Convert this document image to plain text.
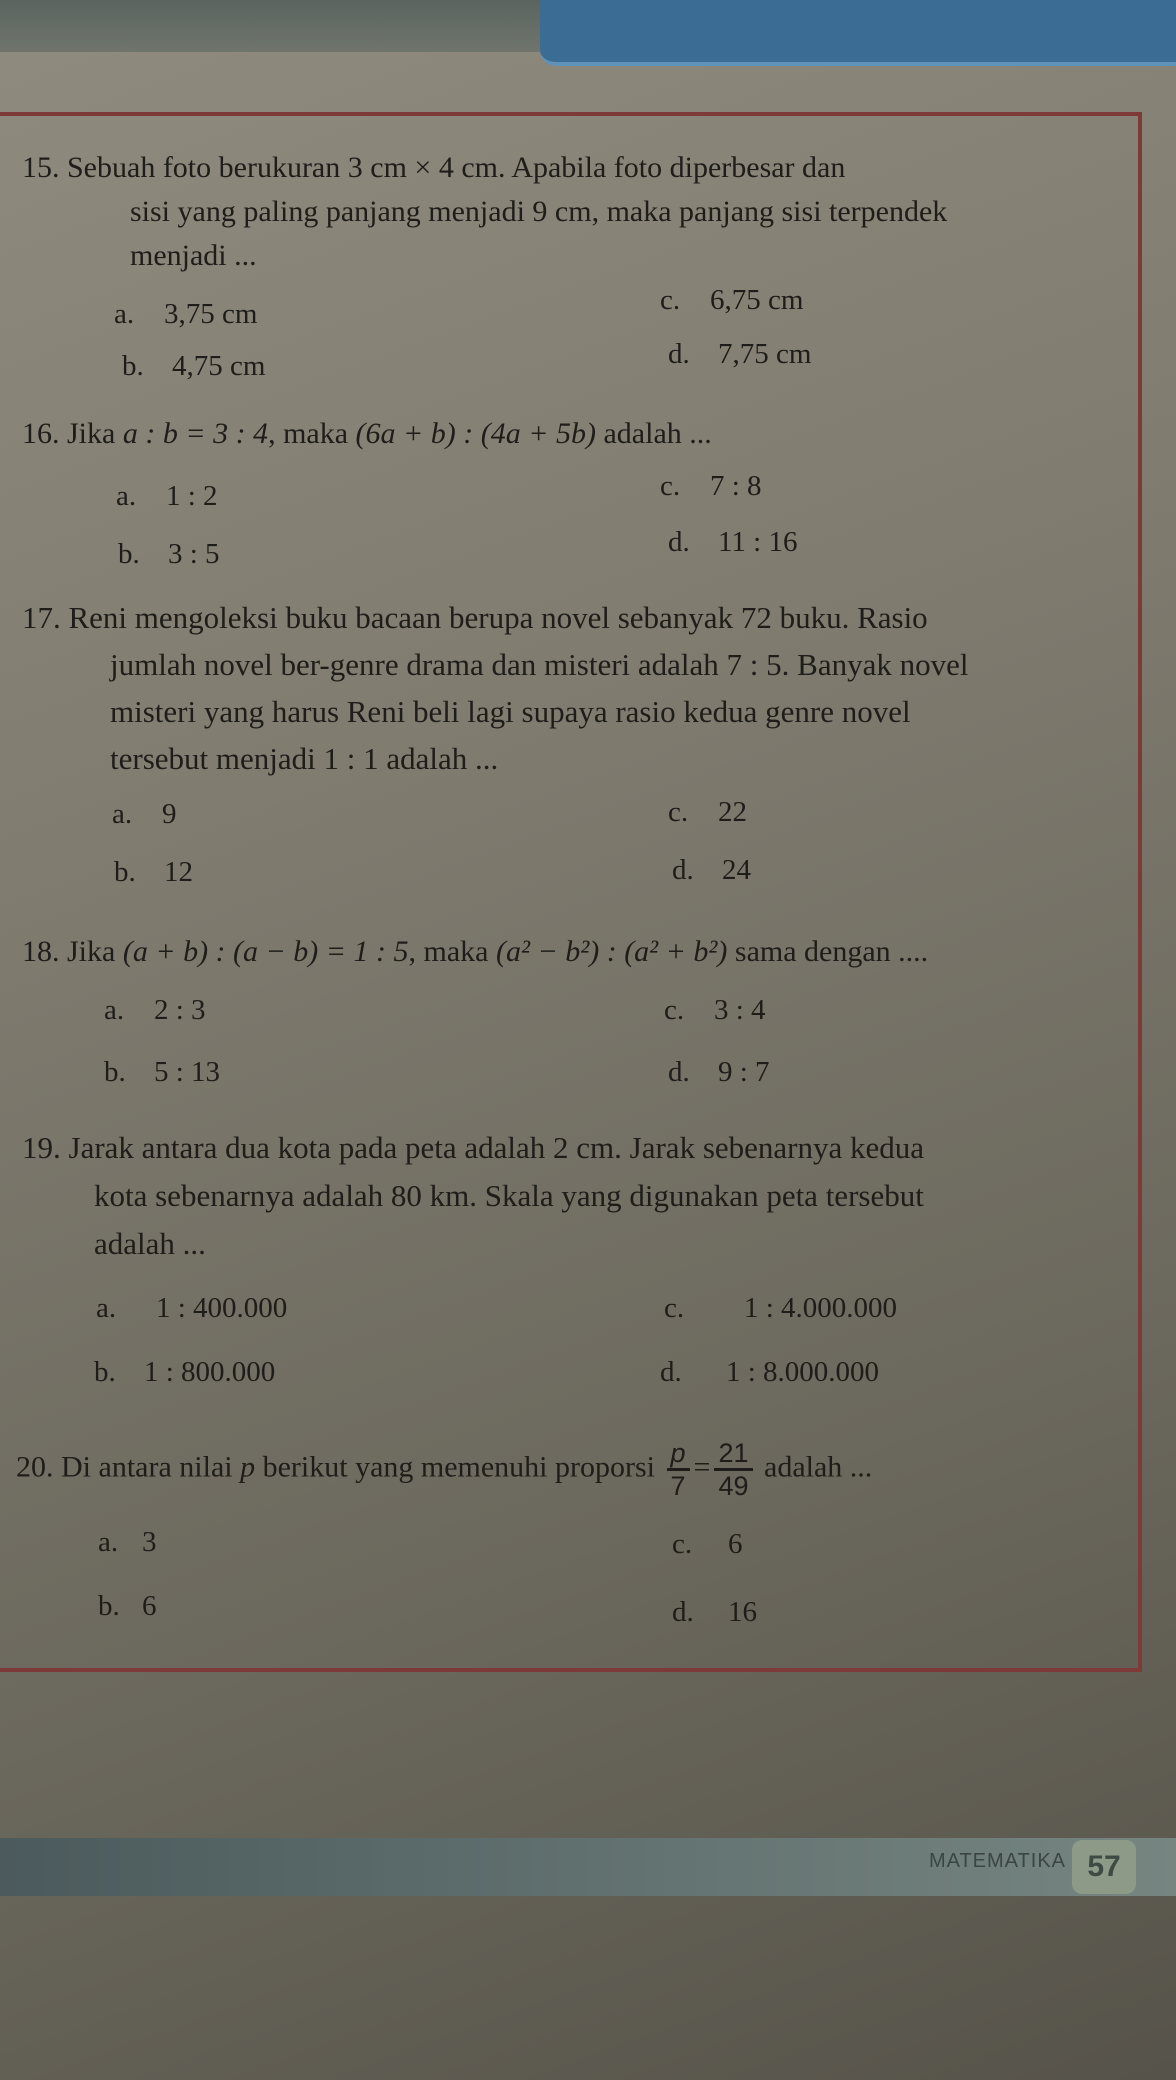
15. Sebuah foto berukuran 3 cm × 4 cm. Apabila foto diperbesar dan
sisi yang paling panjang menjadi 9 cm, maka panjang sisi terpendek
menjadi ...
a. 3,75 cm	c. 6,75 cm
b. 4,75 cm	d. 7,75 cm
16. Jika a : b = 3 : 4, maka (6a + b) : (4a + 5b) adalah ...
a. 1 : 2	c. 7 : 8
b. 3 : 5	d. 11 : 16
17. Reni mengoleksi buku bacaan berupa novel sebanyak 72 buku. Rasio
jumlah novel ber-genre drama dan misteri adalah 7 : 5. Banyak novel
misteri yang harus Reni beli lagi supaya rasio kedua genre novel
tersebut menjadi 1 : 1 adalah ...
a. 9	c. 22
b. 12	d. 24
18. Jika (a + b) : (a − b) = 1 : 5, maka (a² − b²) : (a² + b²) sama dengan ....
a. 2 : 3	c. 3 : 4
b. 5 : 13	d. 9 : 7
19. Jarak antara dua kota pada peta adalah 2 cm. Jarak sebenarnya kedua
kota sebenarnya adalah 80 km. Skala yang digunakan peta tersebut
adalah ...
a. 1 : 400.000	c. 1 : 4.000.000
b. 1 : 800.000	d. 1 : 8.000.000
20. Di antara nilai p berikut yang memenuhi proporsi $\frac{p}{7} = \frac{21}{49}$ adalah ...
a. 3	c. 6
b. 6	d. 16
MATEMATIKA 57
